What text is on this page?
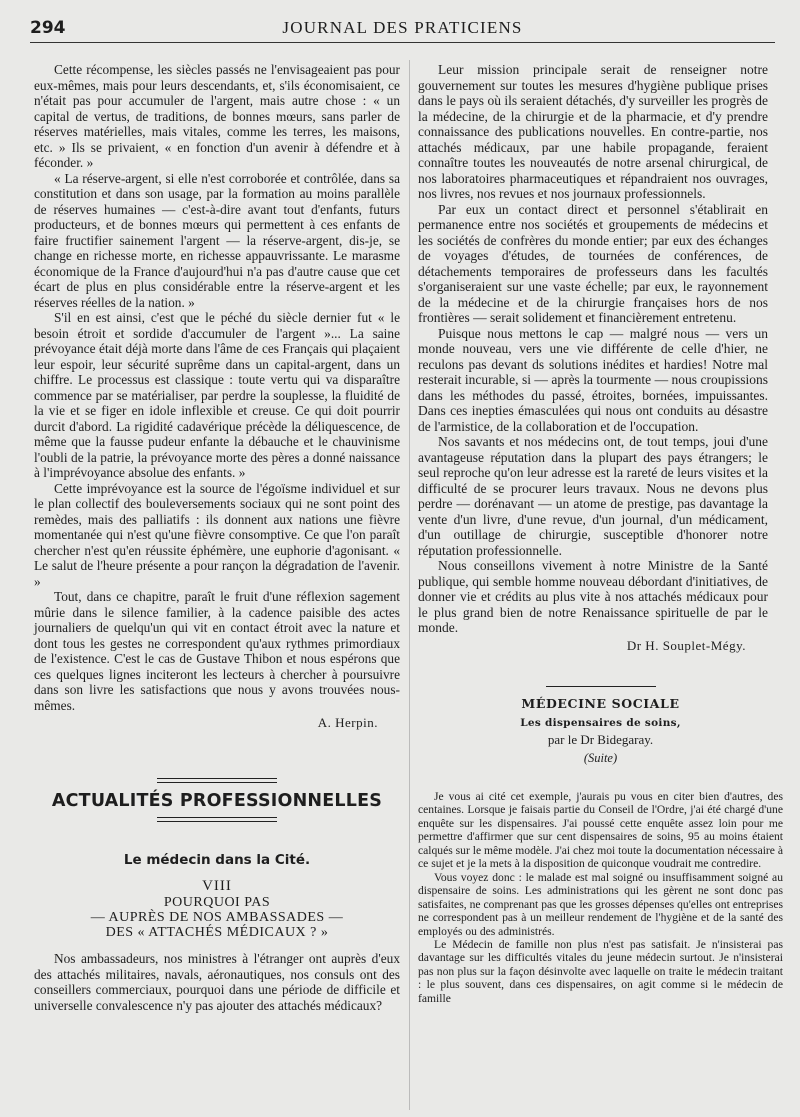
294	JOURNAL DES PRATICIENS

Cette récompense, les siècles passés ne l'envisageaient pas pour eux-mêmes, mais pour leurs descendants, et, s'ils économisaient, ce n'était pas pour accumuler de l'argent, mais autre chose : « un capital de vertus, de traditions, de bonnes mœurs, sans parler de réserves matérielles, mais vitales, comme les terres, les maisons, etc. » Ils se privaient, « en fonction d'un avenir à défendre et à féconder. »

« La réserve-argent, si elle n'est corroborée et contrôlée, dans sa constitution et dans son usage, par la formation au moins parallèle de réserves humaines — c'est-à-dire avant tout d'enfants, futurs producteurs, et de bonnes mœurs qui permettent à ces enfants de faire fructifier sainement l'argent — la réserve-argent, dis-je, se change en richesse morte, en richesse appauvrissante. Le marasme économique de la France d'aujourd'hui n'a pas d'autre cause que cet écart de plus en plus considérable entre la réserve-argent et les réserves réelles de la nation. »

S'il en est ainsi, c'est que le péché du siècle dernier fut « le besoin étroit et sordide d'accumuler de l'argent »... La saine prévoyance était déjà morte dans l'âme de ces Français qui plaçaient leur espoir, leur sécurité suprême dans un capital-argent, dans un chiffre. Le processus est classique : toute vertu qui va disparaître commence par se matérialiser, par perdre la souplesse, la fluidité de la vie et se figer en idole inflexible et creuse. Ce qui doit pourrir durcit d'abord. La rigidité cadavérique précède la déliquescence, de même que la fausse pudeur enfante la débauche et le chauvinisme l'oubli de la patrie, la prévoyance morte des pères a donné naissance à l'imprévoyance absolue des enfants. »

Cette imprévoyance est la source de l'égoïsme individuel et sur le plan collectif des bouleversements sociaux qui ne sont point des remèdes, mais des palliatifs : ils donnent aux nations une fièvre momentanée qui n'est qu'une fièvre consomptive. Ce que l'on paraît chercher n'est qu'en réussite éphémère, une euphorie d'agonisant. « Le salut de l'heure présente a pour rançon la dégradation de l'avenir. »

Tout, dans ce chapitre, paraît le fruit d'une réflexion sagement mûrie dans le silence familier, à la cadence paisible des actes journaliers de quelqu'un qui vit en contact étroit avec la nature et dont tous les gestes ne correspondent qu'aux rythmes primordiaux de l'existence. C'est le cas de Gustave Thibon et nous espérons que ces quelques lignes inciteront les lecteurs à chercher à poursuivre dans son livre les satisfactions que nous y avons trouvées nous-mêmes.

A. Herpin.

ACTUALITÉS PROFESSIONNELLES
Le médecin dans la Cité.
VIII
POURQUOI PAS
— AUPRÈS DE NOS AMBASSADES —
DES « ATTACHÉS MÉDICAUX ? »

Nos ambassadeurs, nos ministres à l'étranger ont auprès d'eux des attachés militaires, navals, aéronautiques, nos consuls ont des conseillers commerciaux, pourquoi dans une période de difficile et universelle convalescence n'y pas ajouter des attachés médicaux?

Leur mission principale serait de renseigner notre gouvernement sur toutes les mesures d'hygiène publique prises dans le pays où ils seraient détachés, d'y surveiller les progrès de la médecine, de la chirurgie et de la pharmacie, et d'y prendre connaissance des publications nouvelles. En contre-partie, nos attachés médicaux, par une habile propagande, feraient connaître toutes les nouveautés de notre arsenal chirurgical, de nos laboratoires pharmaceutiques et répandraient nos ouvrages, nos livres, nos revues et nos journaux professionnels.

Par eux un contact direct et personnel s'établirait en permanence entre nos sociétés et groupements de médecins et les sociétés de confrères du monde entier; par eux des échanges de voyages d'études, de tournées de conférences, de détachements temporaires de professeurs dans les facultés s'organiseraient sur une vaste échelle; par eux, le rayonnement de la médecine et de la chirurgie françaises hors de nos frontières — serait solidement et financièrement entretenu.

Puisque nous mettons le cap — malgré nous — vers un monde nouveau, vers une vie différente de celle d'hier, ne reculons pas devant ds solutions inédites et hardies! Notre mal resterait incurable, si — après la tourmente — nous croupissions dans les méthodes du passé, étroites, bornées, impuissantes. Dans ces inepties émasculées qui nous ont conduits au désastre de l'armistice, de la collaboration et de l'occupation.

Nos savants et nos médecins ont, de tout temps, joui d'une avantageuse réputation dans la plupart des pays étrangers; le seul reproche qu'on leur adresse est la rareté de leurs visites et la difficulté de se procurer leurs travaux. Nous ne devons plus perdre — dorénavant — un atome de prestige, pas davantage la vente d'un livre, d'une revue, d'un journal, d'un médicament, d'un outillage de chirurgie, susceptible d'honorer notre réputation professionnelle.

Nous conseillons vivement à notre Ministre de la Santé publique, qui semble homme nouveau débordant d'initiatives, de donner vie et crédits au plus vite à nos attachés médicaux pour le plus grand bien de notre Renaissance spirituelle de par le monde.

Dr H. Souplet-Mégy.

MÉDECINE SOCIALE
Les dispensaires de soins,
par le Dr Bidegaray.
(Suite)

Je vous ai cité cet exemple, j'aurais pu vous en citer bien d'autres, des centaines. Lorsque je faisais partie du Conseil de l'Ordre, j'ai été chargé d'une enquête sur les dispensaires. J'ai poussé cette enquête assez loin pour me permettre d'affirmer que sur cent dispensaires de soins, 95 au moins étaient calqués sur le même modèle. J'ai chez moi toute la documentation nécessaire à ce sujet et je la mets à la disposition de quiconque voudrait me contredire.

Vous voyez donc : le malade est mal soigné ou insuffisamment soigné au dispensaire de soins. Les administrations qui les gèrent ne sont donc pas satisfaites, ne comprenant pas que les grosses dépenses qu'elles ont entreprises ne correspondent pas à un meilleur rendement de l'hygiène et de la santé des employés ou des administrés.

Le Médecin de famille non plus n'est pas satisfait. Je n'insisterai pas davantage sur les difficultés vitales du jeune médecin surtout. Je n'insisterai pas non plus sur la façon désinvolte avec laquelle on traite le médecin traitant : le plus souvent, dans ces dispensaires, on agit comme si le médecin de famille
